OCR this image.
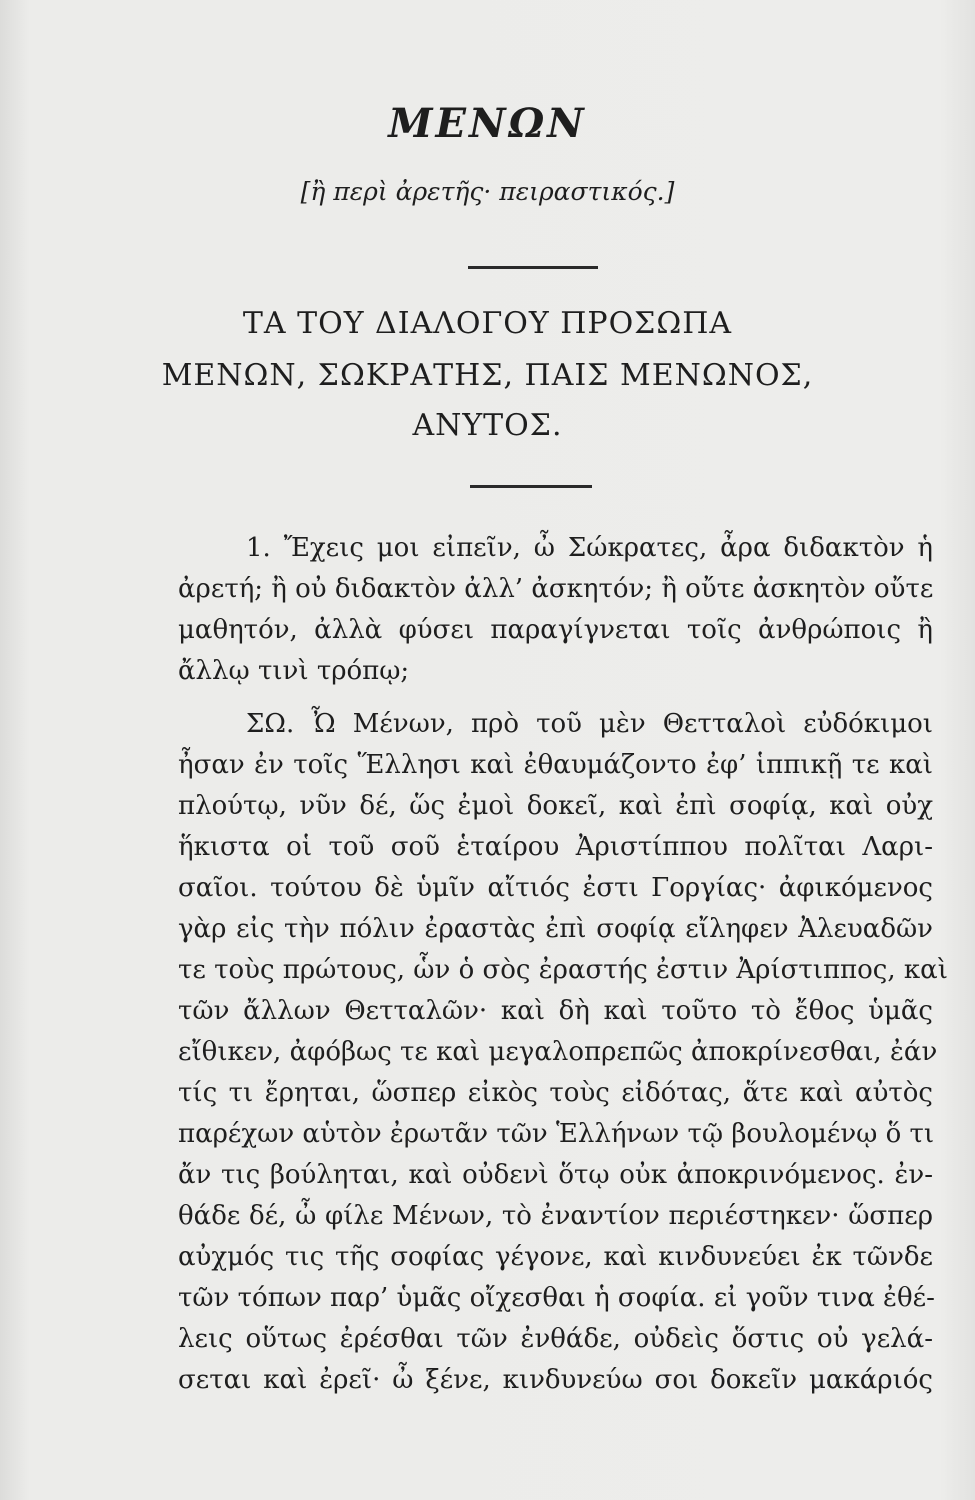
ΜΕΝΩΝ
[ἢ περὶ ἀρετῆς· πειραστικός.]
ΤΑ ΤΟΥ ΔΙΑΛΟΓΟΥ ΠΡΟΣΩΠΑ
ΜΕΝΩΝ, ΣΩΚΡΑΤΗΣ, ΠΑΙΣ ΜΕΝΩΝΟΣ,
ΑΝΥΤΟΣ.
1. Ἔχεις μοι εἰπεῖν, ὦ Σώκρατες, ἆρα διδακτὸν ἡ
ἀρετή; ἢ οὐ διδακτὸν ἀλλ’ ἀσκητόν; ἢ οὔτε ἀσκητὸν οὔτε
μαθητόν, ἀλλὰ φύσει παραγίγνεται τοῖς ἀνθρώποις ἢ
ἄλλῳ τινὶ τρόπῳ;
ΣΩ. Ὦ Μένων, πρὸ τοῦ μὲν Θετταλοὶ εὐδόκιμοι
ἦσαν ἐν τοῖς Ἕλλησι καὶ ἐθαυμάζοντο ἐφ’ ἱππικῇ τε καὶ
πλούτῳ, νῦν δέ, ὥς ἐμοὶ δοκεῖ, καὶ ἐπὶ σοφίᾳ, καὶ οὐχ
ἥκιστα οἱ τοῦ σοῦ ἑταίρου Ἀριστίππου πολῖται Λαρι-
σαῖοι. τούτου δὲ ὑμῖν αἴτιός ἐστι Γοργίας· ἀφικόμενος
γὰρ εἰς τὴν πόλιν ἐραστὰς ἐπὶ σοφίᾳ εἴληφεν Ἀλευαδῶν
τε τοὺς πρώτους, ὧν ὁ σὸς ἐραστής ἐστιν Ἀρίστιππος, καὶ
τῶν ἄλλων Θετταλῶν· καὶ δὴ καὶ τοῦτο τὸ ἔθος ὑμᾶς
εἴθικεν, ἀφόβως τε καὶ μεγαλοπρεπῶς ἀποκρίνεσθαι, ἐάν
τίς τι ἔρηται, ὥσπερ εἰκὸς τοὺς εἰδότας, ἅτε καὶ αὐτὸς
παρέχων αὑτὸν ἐρωτᾶν τῶν Ἑλλήνων τῷ βουλομένῳ ὅ τι
ἄν τις βούληται, καὶ οὐδενὶ ὅτῳ οὐκ ἀποκρινόμενος. ἐν-
θάδε δέ, ὦ φίλε Μένων, τὸ ἐναντίον περιέστηκεν· ὥσπερ
αὐχμός τις τῆς σοφίας γέγονε, καὶ κινδυνεύει ἐκ τῶνδε
τῶν τόπων παρ’ ὑμᾶς οἴχεσθαι ἡ σοφία. εἰ γοῦν τινα ἐθέ-
λεις οὕτως ἐρέσθαι τῶν ἐνθάδε, οὐδεὶς ὅστις οὐ γελά-
σεται καὶ ἐρεῖ· ὦ ξένε, κινδυνεύω σοι δοκεῖν μακάριός
